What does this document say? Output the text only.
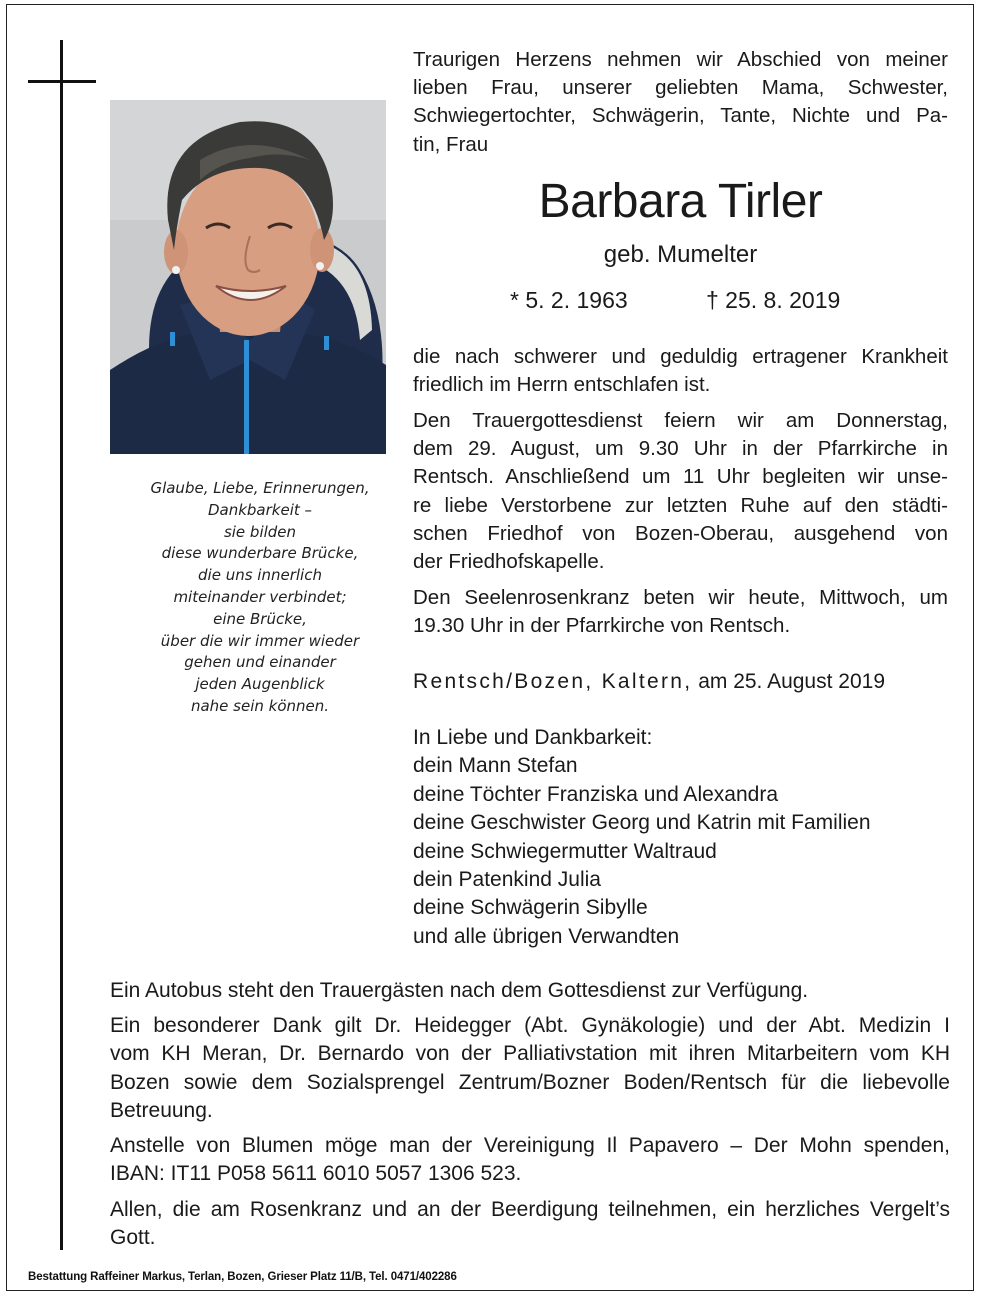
Glaube, Liebe, Erinnerungen,
Dankbarkeit –
sie bilden
diese wunderbare Brücke,
die uns innerlich
miteinander verbindet;
eine Brücke,
über die wir immer wieder
gehen und einander
jeden Augenblick
nahe sein können.
Traurigen Herzens nehmen wir Abschied von meiner
lieben Frau, unserer geliebten Mama, Schwester,
Schwiegertochter, Schwägerin, Tante, Nichte und Pa-
tin, Frau
Barbara Tirler
geb. Mumelter
* 5. 2. 1963	† 25. 8. 2019
die nach schwerer und geduldig ertragener Krankheit
friedlich im Herrn entschlafen ist.
Den Trauergottesdienst feiern wir am Donnerstag,
dem 29. August, um 9.30 Uhr in der Pfarrkirche in
Rentsch. Anschließend um 11 Uhr begleiten wir unse-
re liebe Verstorbene zur letzten Ruhe auf den städti-
schen Friedhof von Bozen-Oberau, ausgehend von
der Friedhofskapelle.
Den Seelenrosenkranz beten wir heute, Mittwoch, um
19.30 Uhr in der Pfarrkirche von Rentsch.
Rentsch/Bozen, Kaltern, am 25. August 2019
In Liebe und Dankbarkeit:
dein Mann Stefan
deine Töchter Franziska und Alexandra
deine Geschwister Georg und Katrin mit Familien
deine Schwiegermutter Waltraud
dein Patenkind Julia
deine Schwägerin Sibylle
und alle übrigen Verwandten
Ein Autobus steht den Trauergästen nach dem Gottesdienst zur Verfügung.
Ein besonderer Dank gilt Dr. Heidegger (Abt. Gynäkologie) und der Abt. Medizin I
vom KH Meran, Dr. Bernardo von der Palliativstation mit ihren Mitarbeitern vom KH
Bozen sowie dem Sozialsprengel Zentrum/Bozner Boden/Rentsch für die liebevolle
Betreuung.
Anstelle von Blumen möge man der Vereinigung Il Papavero – Der Mohn spenden,
IBAN: IT11 P058 5611 6010 5057 1306 523.
Allen, die am Rosenkranz und an der Beerdigung teilnehmen, ein herzliches Vergelt’s
Gott.
Bestattung Raffeiner Markus, Terlan, Bozen, Grieser Platz 11/B, Tel. 0471/402286
